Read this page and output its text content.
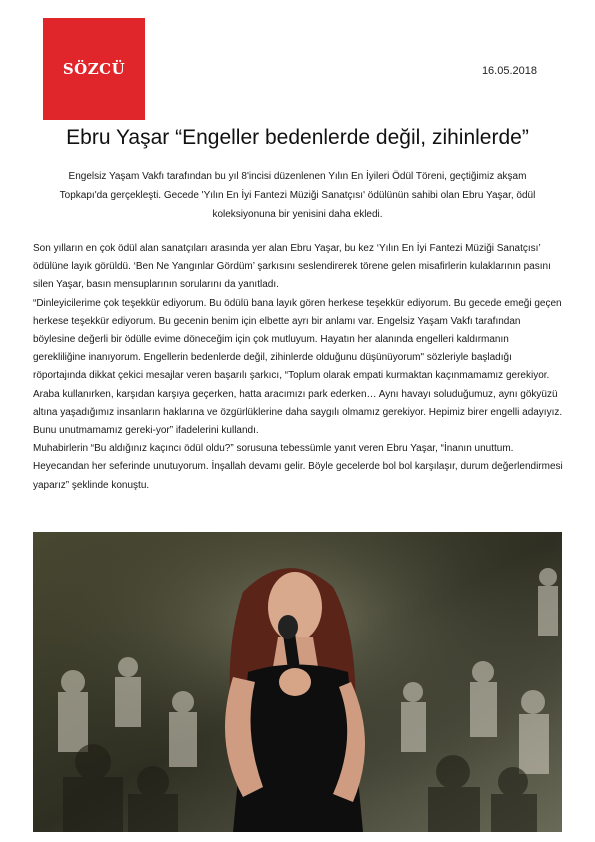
SÖZCÜ	16.05.2018
Ebru Yaşar “Engeller bedenlerde değil, zihinlerde”

Engelsiz Yaşam Vakfı tarafından bu yıl 8'incisi düzenlenen Yılın En İyileri Ödül Töreni, geçtiğimiz akşam Topkapı'da gerçekleşti. Gecede 'Yılın En İyi Fantezi Müziği Sanatçısı' ödülünün sahibi olan Ebru Yaşar, ödül koleksiyonuna bir yenisini daha ekledi.

Son yılların en çok ödül alan sanatçıları arasında yer alan Ebru Yaşar, bu kez ‘Yılın En İyi Fantezi Müziği Sanatçısı’ ödülüne layık görüldü. ‘Ben Ne Yangınlar Gördüm’ şarkısını seslendirerek törene gelen misafirlerin kulaklarının pasını silen Yaşar, basın mensuplarının sorularını da yanıtladı.

“Dinleyicilerime çok teşekkür ediyorum. Bu ödülü bana layık gören herkese teşekkür ediyorum. Bu gecede emeği geçen herkese teşekkür ediyorum. Bu gecenin benim için elbette ayrı bir anlamı var. Engelsiz Yaşam Vakfı tarafından böylesine değerli bir ödülle evime döneceğim için çok mutluyum. Hayatın her alanında engelleri kaldırmanın gerekliliğine inanıyorum. Engellerin bedenlerde değil, zihinlerde olduğunu düşünüyorum" sözleriyle başladığı röportajında dikkat çekici mesajlar veren başarılı şarkıcı, “Toplum olarak empati kurmaktan kaçınmamamız gerekiyor. Araba kullanırken, karşıdan karşıya geçerken, hatta aracımızı park ederken… Aynı havayı soluduğumuz, aynı gökyüzü altına yaşadığımız insanların haklarına ve özgürlüklerine daha saygılı olmamız gerekiyor. Hepimiz birer engelli adayıyız. Bunu unutmamamız gereki-yor” ifadelerini kullandı.

Muhabirlerin “Bu aldığınız kaçıncı ödül oldu?” sorusuna tebessümle yanıt veren Ebru Yaşar, “İnanın unuttum. Heyecandan her seferinde unutuyorum. İnşallah devamı gelir. Böyle gecelerde bol bol karşılaşır, durum değerlendirmesi yaparız” şeklinde konuştu.
